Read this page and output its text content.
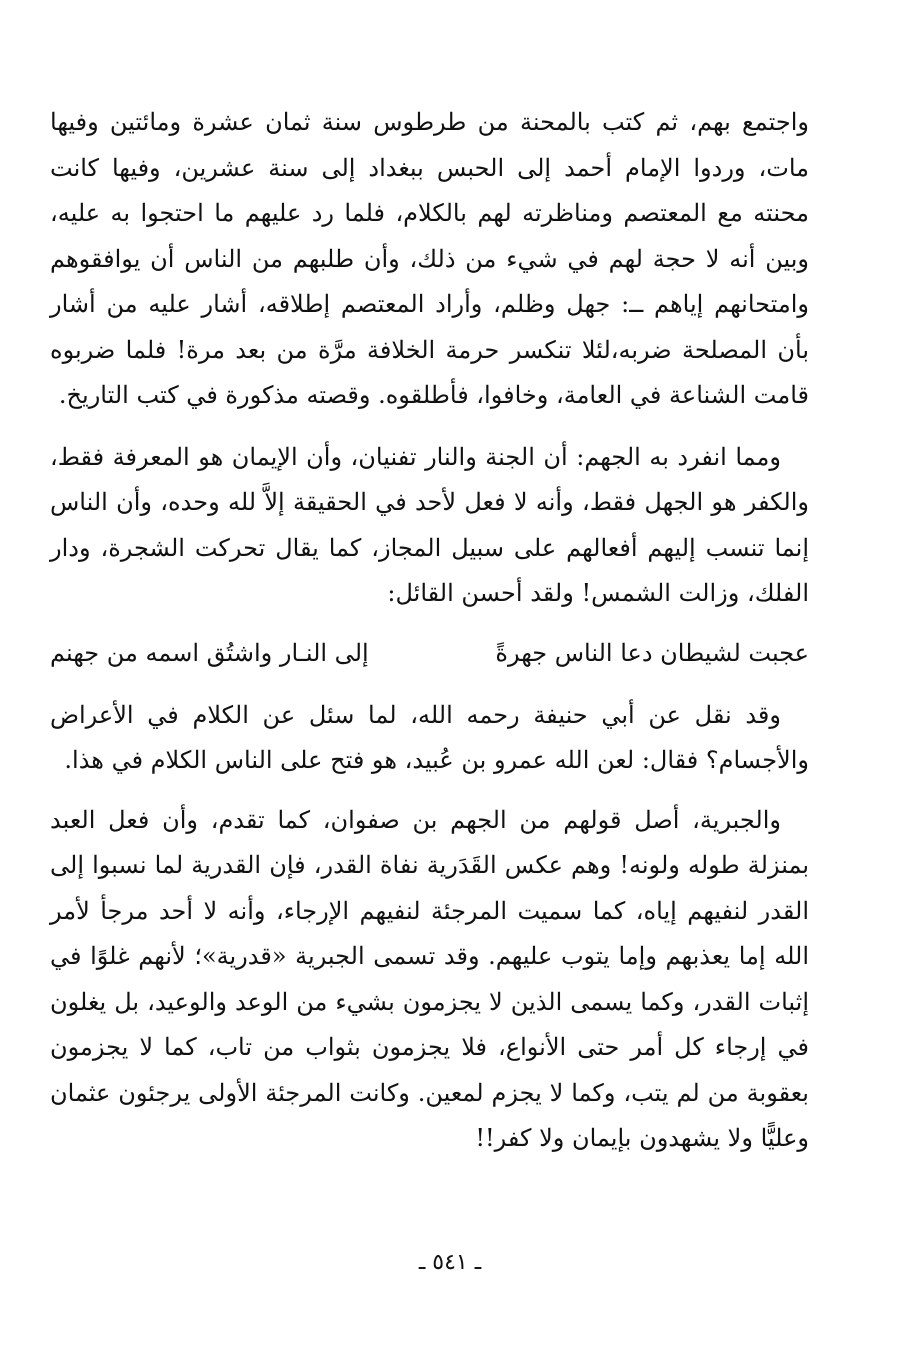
واجتمع بهم، ثم كتب بالمحنة من طرطوس سنة ثمان عشرة ومائتين وفيها مات، وردوا الإمام أحمد إلى الحبس ببغداد إلى سنة عشرين، وفيها كانت محنته مع المعتصم ومناظرته لهم بالكلام، فلما رد عليهم ما احتجوا به عليه، وبين أنه لا حجة لهم في شيء من ذلك، وأن طلبهم من الناس أن يوافقوهم وامتحانهم إياهم ــ: جهل وظلم، وأراد المعتصم إطلاقه، أشار عليه من أشار بأن المصلحة ضربه،لئلا تنكسر حرمة الخلافة مرَّة من بعد مرة! فلما ضربوه قامت الشناعة في العامة، وخافوا، فأطلقوه. وقصته مذكورة في كتب التاريخ.

ومما انفرد به الجهم: أن الجنة والنار تفنيان، وأن الإيمان هو المعرفة فقط، والكفر هو الجهل فقط، وأنه لا فعل لأحد في الحقيقة إلاَّ لله وحده، وأن الناس إنما تنسب إليهم أفعالهم على سبيل المجاز، كما يقال تحركت الشجرة، ودار الفلك، وزالت الشمس! ولقد أحسن القائل:

عجبت لشيطان دعا الناس جهرةً
إلى النـار واشتُق اسمه من جهنم

وقد نقل عن أبي حنيفة رحمه الله، لما سئل عن الكلام في الأعراض والأجسام؟ فقال: لعن الله عمرو بن عُبيد، هو فتح على الناس الكلام في هذا.

والجبرية، أصل قولهم من الجهم بن صفوان، كما تقدم، وأن فعل العبد بمنزلة طوله ولونه! وهم عكس القَدَرية نفاة القدر، فإن القدرية لما نسبوا إلى القدر لنفيهم إياه، كما سميت المرجئة لنفيهم الإرجاء، وأنه لا أحد مرجأ لأمر الله إما يعذبهم وإما يتوب عليهم. وقد تسمى الجبرية «قدرية»؛ لأنهم غلوًا في إثبات القدر، وكما يسمى الذين لا يجزمون بشيء من الوعد والوعيد، بل يغلون في إرجاء كل أمر حتى الأنواع، فلا يجزمون بثواب من تاب، كما لا يجزمون بعقوبة من لم يتب، وكما لا يجزم لمعين. وكانت المرجئة الأولى يرجئون عثمان وعليًّا ولا يشهدون بإيمان ولا كفر!!

ـ ٥٤١ ـ
